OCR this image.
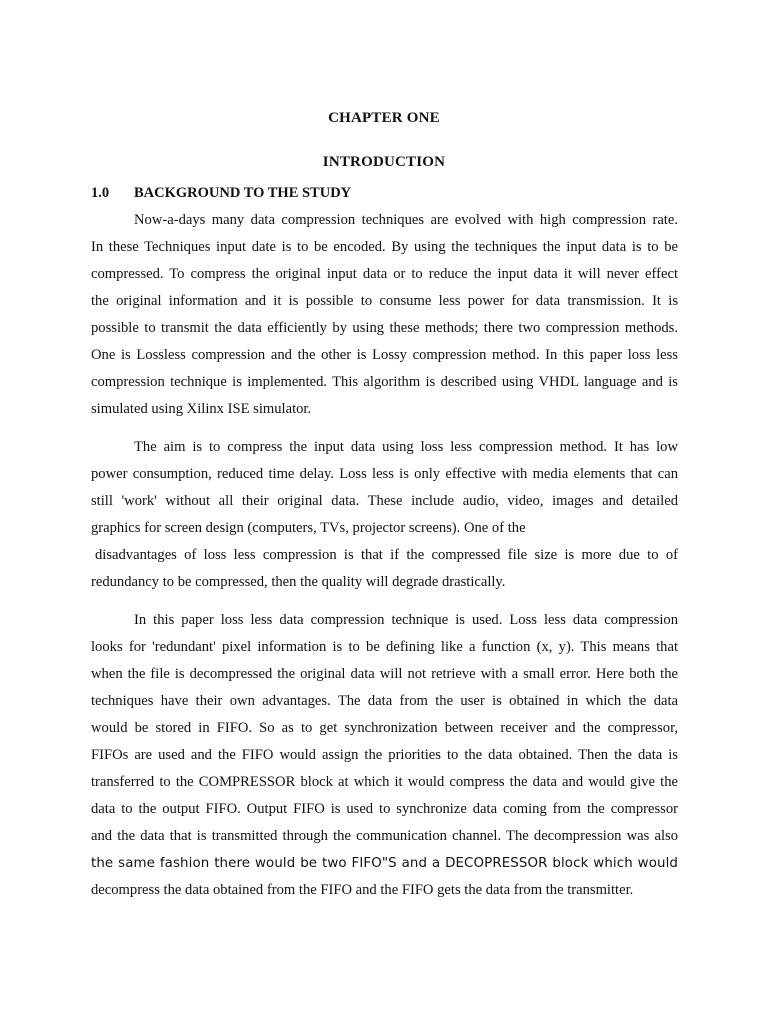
CHAPTER ONE
INTRODUCTION
1.0 BACKGROUND TO THE STUDY
Now-a-days many data compression techniques are evolved with high compression rate.
In these Techniques input date is to be encoded. By using the techniques the input data is to be
compressed. To compress the original input data or to reduce the input data it will never effect
the original information and it is possible to consume less power for data transmission. It is
possible to transmit the data efficiently by using these methods; there two compression methods.
One is Lossless compression and the other is Lossy compression method. In this paper loss less
compression technique is implemented. This algorithm is described using VHDL language and is
simulated using Xilinx ISE simulator.
The aim is to compress the input data using loss less compression method. It has low
power consumption, reduced time delay. Loss less is only effective with media elements that can
still 'work' without all their original data. These include audio, video, images and detailed
graphics for screen design (computers, TVs, projector screens). One of the
disadvantages of loss less compression is that if the compressed file size is more due to of
redundancy to be compressed, then the quality will degrade drastically.
In this paper loss less data compression technique is used. Loss less data compression
looks for 'redundant' pixel information is to be defining like a function (x, y). This means that
when the file is decompressed the original data will not retrieve with a small error. Here both the
techniques have their own advantages. The data from the user is obtained in which the data
would be stored in FIFO. So as to get synchronization between receiver and the compressor,
FIFOs are used and the FIFO would assign the priorities to the data obtained. Then the data is
transferred to the COMPRESSOR block at which it would compress the data and would give the
data to the output FIFO. Output FIFO is used to synchronize data coming from the compressor
and the data that is transmitted through the communication channel. The decompression was also
the same fashion there would be two FIFO"S and a DECOPRESSOR block which would
decompress the data obtained from the FIFO and the FIFO gets the data from the transmitter.
